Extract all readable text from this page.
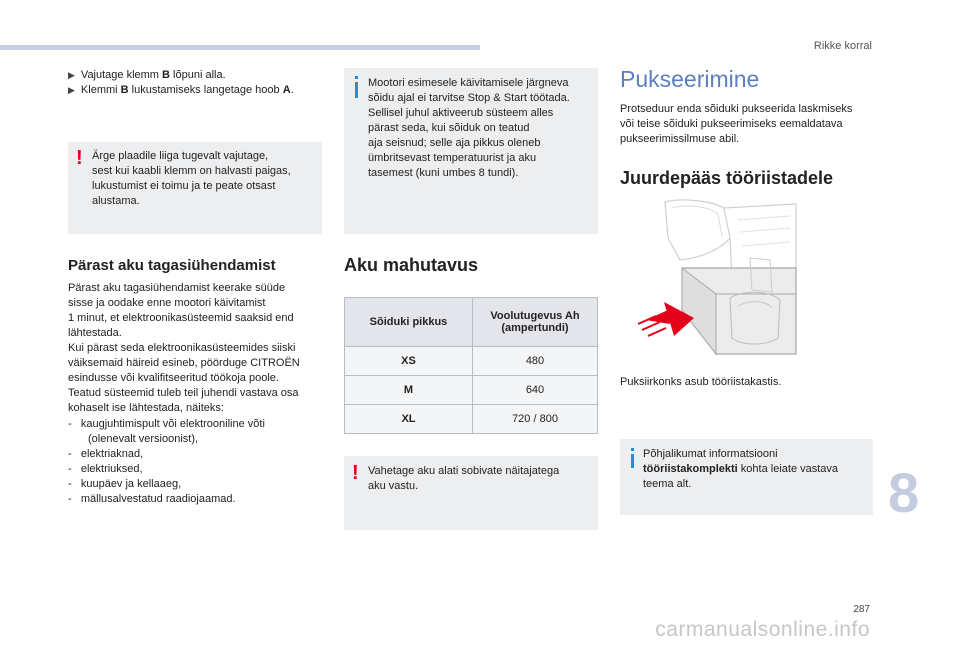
Rikke korral
▶ Vajutage klemm B lõpuni alla.
▶ Klemmi B lukustamiseks langetage hoob A.
! Ärge plaadile liiga tugevalt vajutage,
sest kui kaabli klemm on halvasti paigas,
lukustumist ei toimu ja te peate otsast
alustama.
Pärast aku tagasiühendamist
Pärast aku tagasiühendamist keerake süüde
sisse ja oodake enne mootori käivitamist
1 minut, et elektroonikasüsteemid saaksid end
lähtestada.
Kui pärast seda elektroonikasüsteemides siiski
väiksemaid häireid esineb, pöörduge CITROËN
esindusse või kvalifitseeritud töökoja poole.
Teatud süsteemid tuleb teil juhendi vastava osa
kohaselt ise lähtestada, näiteks:
-   kaugjuhtimispult või elektrooniline võti
(olenevalt versioonist),
-   elektriaknad,
-   elektriuksed,
-   kuupäev ja kellaaeg,
-   mällusalvestatud raadiojaamad.
Mootori esimesele käivitamisele järgneva
sõidu ajal ei tarvitse Stop & Start töötada.
Sellisel juhul aktiveerub süsteem alles
pärast seda, kui sõiduk on teatud
aja seisnud; selle aja pikkus oleneb
ümbritsevast temperatuurist ja aku
tasemest (kuni umbes 8 tundi).
Aku mahutavus
Sõiduki pikkus	Voolutugevus Ah
(ampertundi)

XS	480
M	640
XL	720 / 800
! Vahetage aku alati sobivate näitajatega
aku vastu.
Pukseerimine
Protseduur enda sõiduki pukseerida laskmiseks
või teise sõiduki pukseerimiseks eemaldatava
pukseerimissilmuse abil.
Juurdepääs tööriistadele
Puksiirkonks asub tööriistakastis.
Põhjalikumat informatsiooni
tööriistakomplekti kohta leiate vastava
teema alt.	8
287
carmanualsonline.info
